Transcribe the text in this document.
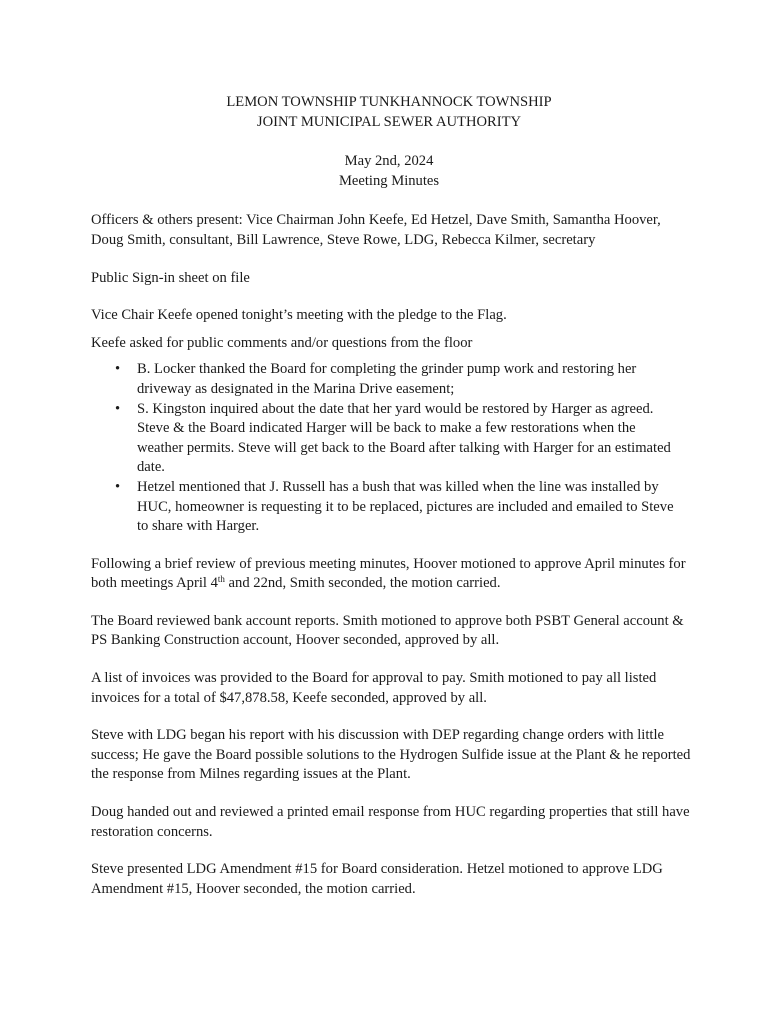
LEMON TOWNSHIP TUNKHANNOCK TOWNSHIP
JOINT MUNICIPAL SEWER AUTHORITY
May 2nd, 2024
Meeting Minutes

Officers & others present: Vice Chairman John Keefe, Ed Hetzel, Dave Smith, Samantha Hoover, Doug Smith, consultant, Bill Lawrence, Steve Rowe, LDG, Rebecca Kilmer, secretary

Public Sign-in sheet on file

Vice Chair Keefe opened tonight’s meeting with the pledge to the Flag.

Keefe asked for public comments and/or questions from the floor

• B. Locker thanked the Board for completing the grinder pump work and restoring her driveway as designated in the Marina Drive easement;
• S. Kingston inquired about the date that her yard would be restored by Harger as agreed. Steve & the Board indicated Harger will be back to make a few restorations when the weather permits. Steve will get back to the Board after talking with Harger for an estimated date.
• Hetzel mentioned that J. Russell has a bush that was killed when the line was installed by HUC, homeowner is requesting it to be replaced, pictures are included and emailed to Steve to share with Harger.

Following a brief review of previous meeting minutes, Hoover motioned to approve April minutes for both meetings April 4th and 22nd, Smith seconded, the motion carried.

The Board reviewed bank account reports. Smith motioned to approve both PSBT General account & PS Banking Construction account, Hoover seconded, approved by all.

A list of invoices was provided to the Board for approval to pay. Smith motioned to pay all listed invoices for a total of $47,878.58, Keefe seconded, approved by all.

Steve with LDG began his report with his discussion with DEP regarding change orders with little success; He gave the Board possible solutions to the Hydrogen Sulfide issue at the Plant & he reported the response from Milnes regarding issues at the Plant.

Doug handed out and reviewed a printed email response from HUC regarding properties that still have restoration concerns.

Steve presented LDG Amendment #15 for Board consideration. Hetzel motioned to approve LDG Amendment #15, Hoover seconded, the motion carried.
